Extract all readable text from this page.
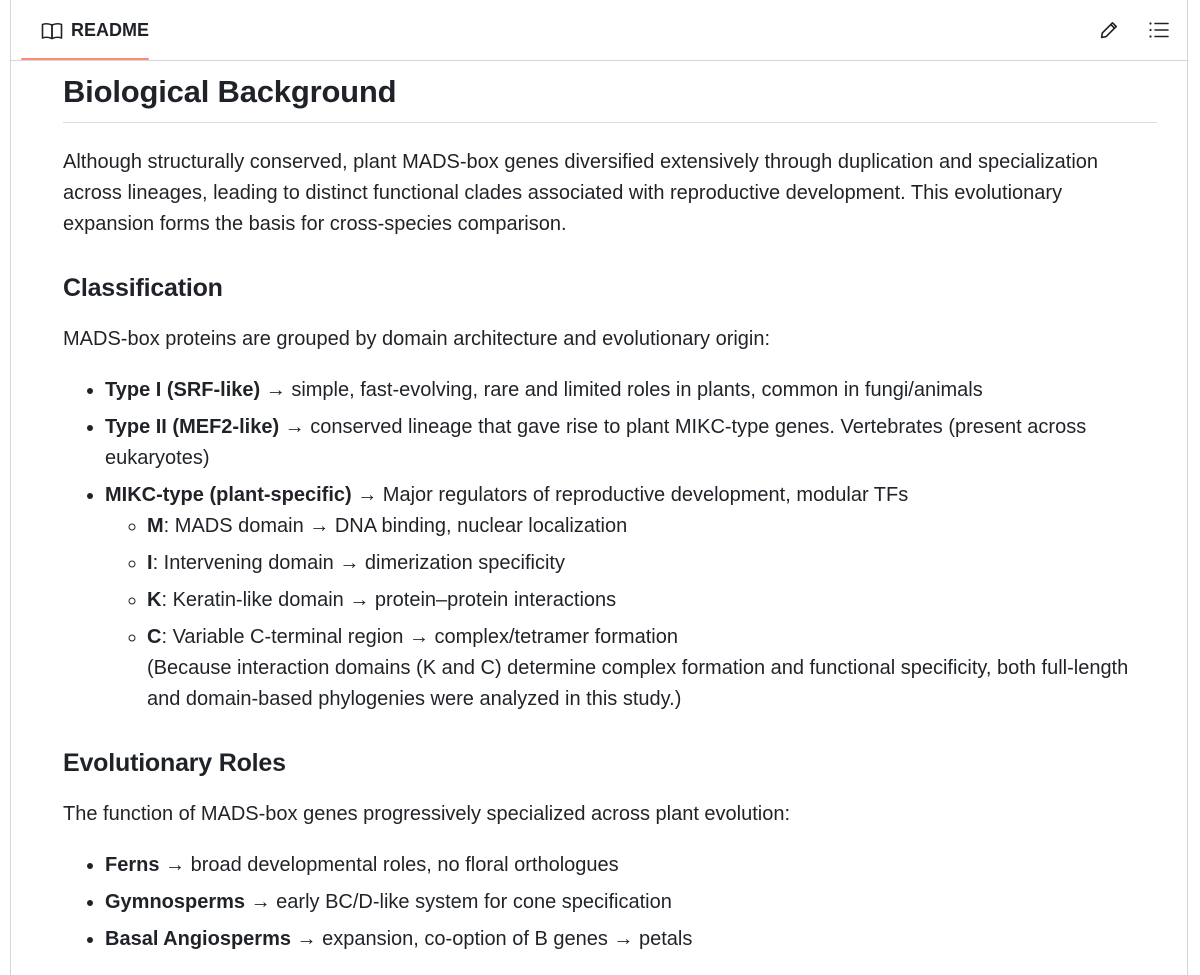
README
Biological Background

Although structurally conserved, plant MADS-box genes diversified extensively through duplication and specialization across lineages, leading to distinct functional clades associated with reproductive development. This evolutionary expansion forms the basis for cross-species comparison.

Classification

MADS-box proteins are grouped by domain architecture and evolutionary origin:

• Type I (SRF-like) → simple, fast-evolving, rare and limited roles in plants, common in fungi/animals
• Type II (MEF2-like) → conserved lineage that gave rise to plant MIKC-type genes. Vertebrates (present across eukaryotes)
• MIKC-type (plant-specific) → Major regulators of reproductive development, modular TFs
◦ M: MADS domain → DNA binding, nuclear localization
◦ I: Intervening domain → dimerization specificity
◦ K: Keratin-like domain → protein–protein interactions
◦ C: Variable C-terminal region → complex/tetramer formation
(Because interaction domains (K and C) determine complex formation and functional specificity, both full-length and domain-based phylogenies were analyzed in this study.)
Evolutionary Roles

The function of MADS-box genes progressively specialized across plant evolution:

• Ferns → broad developmental roles, no floral orthologues
• Gymnosperms → early BC/D-like system for cone specification
• Basal Angiosperms → expansion, co-option of B genes → petals
